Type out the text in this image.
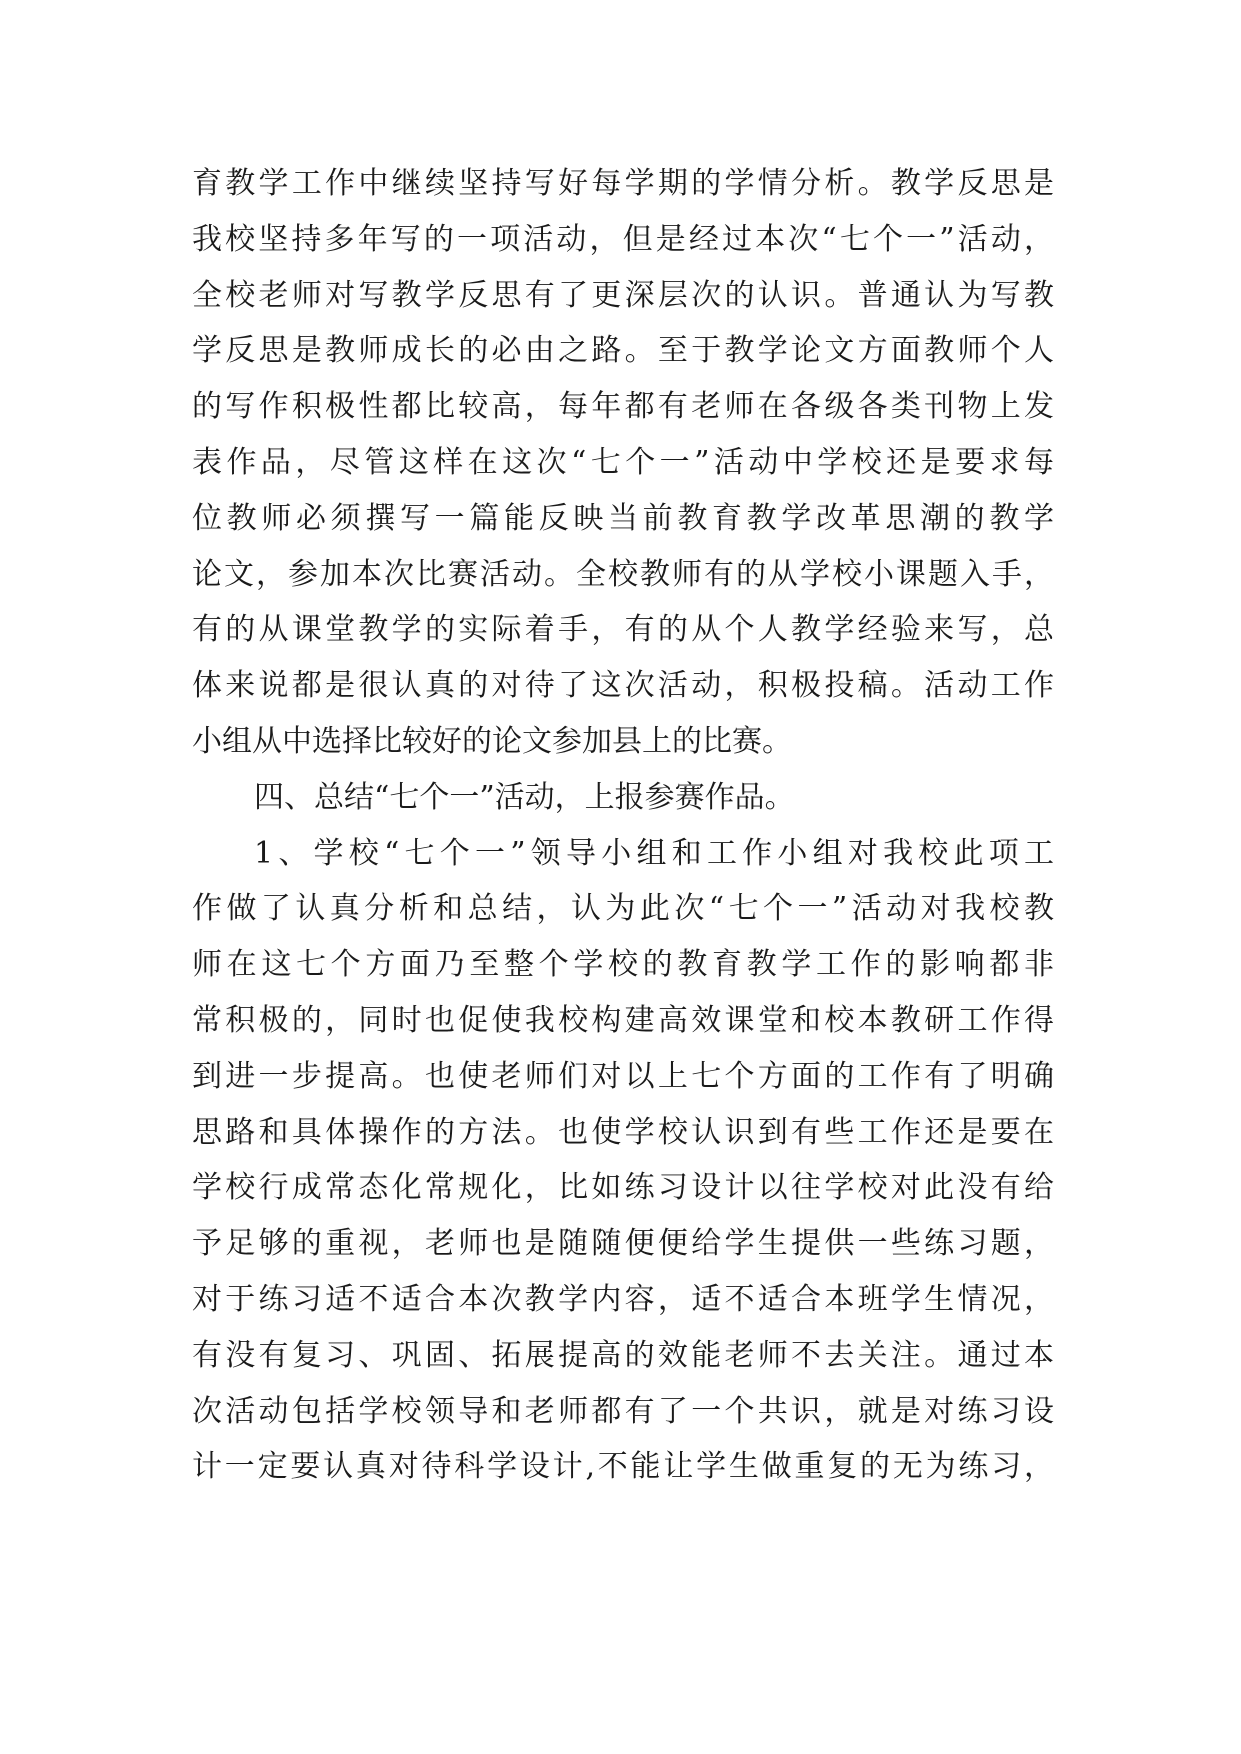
育教学工作中继续坚持写好每学期的学情分析。教学反思是
我校坚持多年写的一项活动，但是经过本次“七个一”活动，
全校老师对写教学反思有了更深层次的认识。普通认为写教
学反思是教师成长的必由之路。至于教学论文方面教师个人
的写作积极性都比较高，每年都有老师在各级各类刊物上发
表作品，尽管这样在这次“七个一”活动中学校还是要求每
位教师必须撰写一篇能反映当前教育教学改革思潮的教学
论文，参加本次比赛活动。全校教师有的从学校小课题入手，
有的从课堂教学的实际着手，有的从个人教学经验来写，总
体来说都是很认真的对待了这次活动，积极投稿。活动工作
小组从中选择比较好的论文参加县上的比赛。
四、总结“七个一”活动，上报参赛作品。
1、学校“七个一”领导小组和工作小组对我校此项工
作做了认真分析和总结，认为此次“七个一”活动对我校教
师在这七个方面乃至整个学校的教育教学工作的影响都非
常积极的，同时也促使我校构建高效课堂和校本教研工作得
到进一步提高。也使老师们对以上七个方面的工作有了明确
思路和具体操作的方法。也使学校认识到有些工作还是要在
学校行成常态化常规化，比如练习设计以往学校对此没有给
予足够的重视，老师也是随随便便给学生提供一些练习题，
对于练习适不适合本次教学内容，适不适合本班学生情况，
有没有复习、巩固、拓展提高的效能老师不去关注。通过本
次活动包括学校领导和老师都有了一个共识，就是对练习设
计一定要认真对待科学设计,不能让学生做重复的无为练习，
